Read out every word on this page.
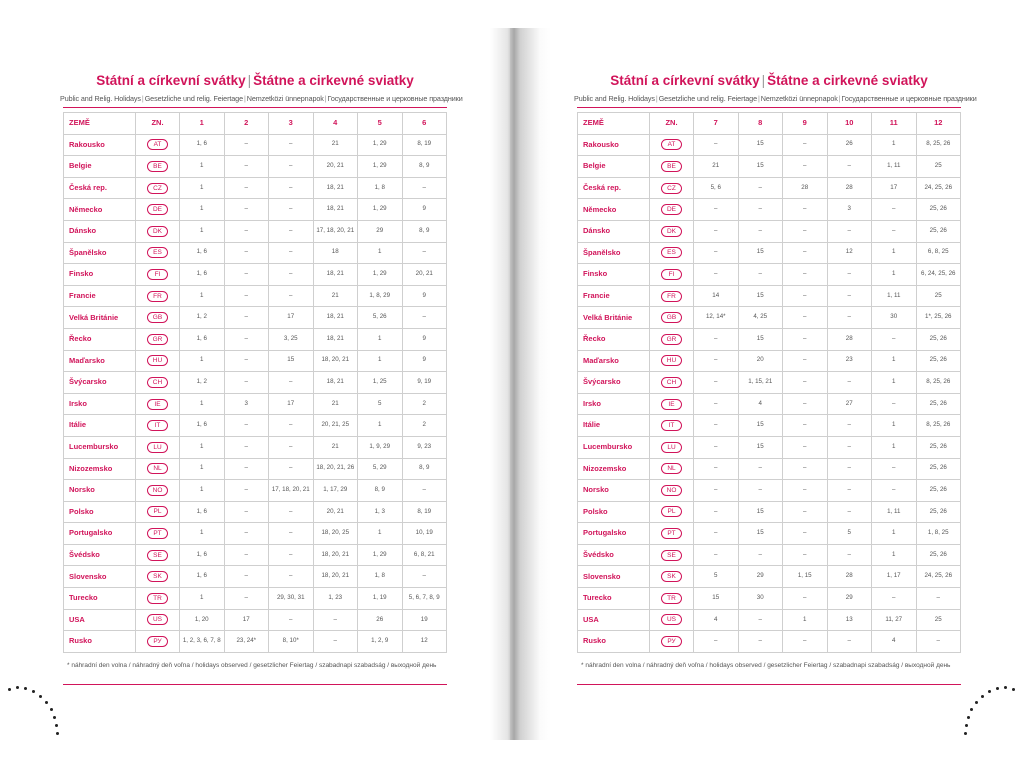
Státní a církevní svátky | Štátne a cirkevné sviatky
Public and Relig. Holidays|Gesetzliche und relig. Feiertage|Nemzetközi ünnepnapok|Государственные и церковные праздники
ZEMĚ	ZN.	1	2	3	4	5	6
Rakousko	AT	1, 6	–	–	21	1, 29	8, 19
Belgie	BE	1	–	–	20, 21	1, 29	8, 9
Česká rep.	CZ	1	–	–	18, 21	1, 8	–
Německo	DE	1	–	–	18, 21	1, 29	9
Dánsko	DK	1	–	–	17, 18, 20, 21	29	8, 9
Španělsko	ES	1, 6	–	–	18	1	–
Finsko	FI	1, 6	–	–	18, 21	1, 29	20, 21
Francie	FR	1	–	–	21	1, 8, 29	9
Velká Británie	GB	1, 2	–	17	18, 21	5, 26	–
Řecko	GR	1, 6	–	3, 25	18, 21	1	9
Maďarsko	HU	1	–	15	18, 20, 21	1	9
Švýcarsko	CH	1, 2	–	–	18, 21	1, 25	9, 19
Irsko	IE	1	3	17	21	5	2
Itálie	IT	1, 6	–	–	20, 21, 25	1	2
Lucembursko	LU	1	–	–	21	1, 9, 29	9, 23
Nizozemsko	NL	1	–	–	18, 20, 21, 26	5, 29	8, 9
Norsko	NO	1	–	17, 18, 20, 21	1, 17, 29	8, 9	–
Polsko	PL	1, 6	–	–	20, 21	1, 3	8, 19
Portugalsko	PT	1	–	–	18, 20, 25	1	10, 19
Švédsko	SE	1, 6	–	–	18, 20, 21	1, 29	6, 8, 21
Slovensko	SK	1, 6	–	–	18, 20, 21	1, 8	–
Turecko	TR	1	–	29, 30, 31	1, 23	1, 19	5, 6, 7, 8, 9
USA	US	1, 20	17	–	–	26	19
Rusko	РУ	1, 2, 3, 6, 7, 8	23, 24*	8, 10*	–	1, 2, 9	12
* náhradní den volna / náhradný deň voľna / holidays observed / gesetzlicher Feiertag / szabadnapi szabadság / выходной день
Státní a církevní svátky | Štátne a cirkevné sviatky
Public and Relig. Holidays|Gesetzliche und relig. Feiertage|Nemzetközi ünnepnapok|Государственные и церковные праздники
ZEMĚ	ZN.	7	8	9	10	11	12
Rakousko	AT	–	15	–	26	1	8, 25, 26
Belgie	BE	21	15	–	–	1, 11	25
Česká rep.	CZ	5, 6	–	28	28	17	24, 25, 26
Německo	DE	–	–	–	3	–	25, 26
Dánsko	DK	–	–	–	–	–	25, 26
Španělsko	ES	–	15	–	12	1	6, 8, 25
Finsko	FI	–	–	–	–	1	6, 24, 25, 26
Francie	FR	14	15	–	–	1, 11	25
Velká Británie	GB	12, 14*	4, 25	–	–	30	1*, 25, 26
Řecko	GR	–	15	–	28	–	25, 26
Maďarsko	HU	–	20	–	23	1	25, 26
Švýcarsko	CH	–	1, 15, 21	–	–	1	8, 25, 26
Irsko	IE	–	4	–	27	–	25, 26
Itálie	IT	–	15	–	–	1	8, 25, 26
Lucembursko	LU	–	15	–	–	1	25, 26
Nizozemsko	NL	–	–	–	–	–	25, 26
Norsko	NO	–	–	–	–	–	25, 26
Polsko	PL	–	15	–	–	1, 11	25, 26
Portugalsko	PT	–	15	–	5	1	1, 8, 25
Švédsko	SE	–	–	–	–	1	25, 26
Slovensko	SK	5	29	1, 15	28	1, 17	24, 25, 26
Turecko	TR	15	30	–	29	–	–
USA	US	4	–	1	13	11, 27	25
Rusko	РУ	–	–	–	–	4	–
* náhradní den volna / náhradný deň voľna / holidays observed / gesetzlicher Feiertag / szabadnapi szabadság / выходной день
